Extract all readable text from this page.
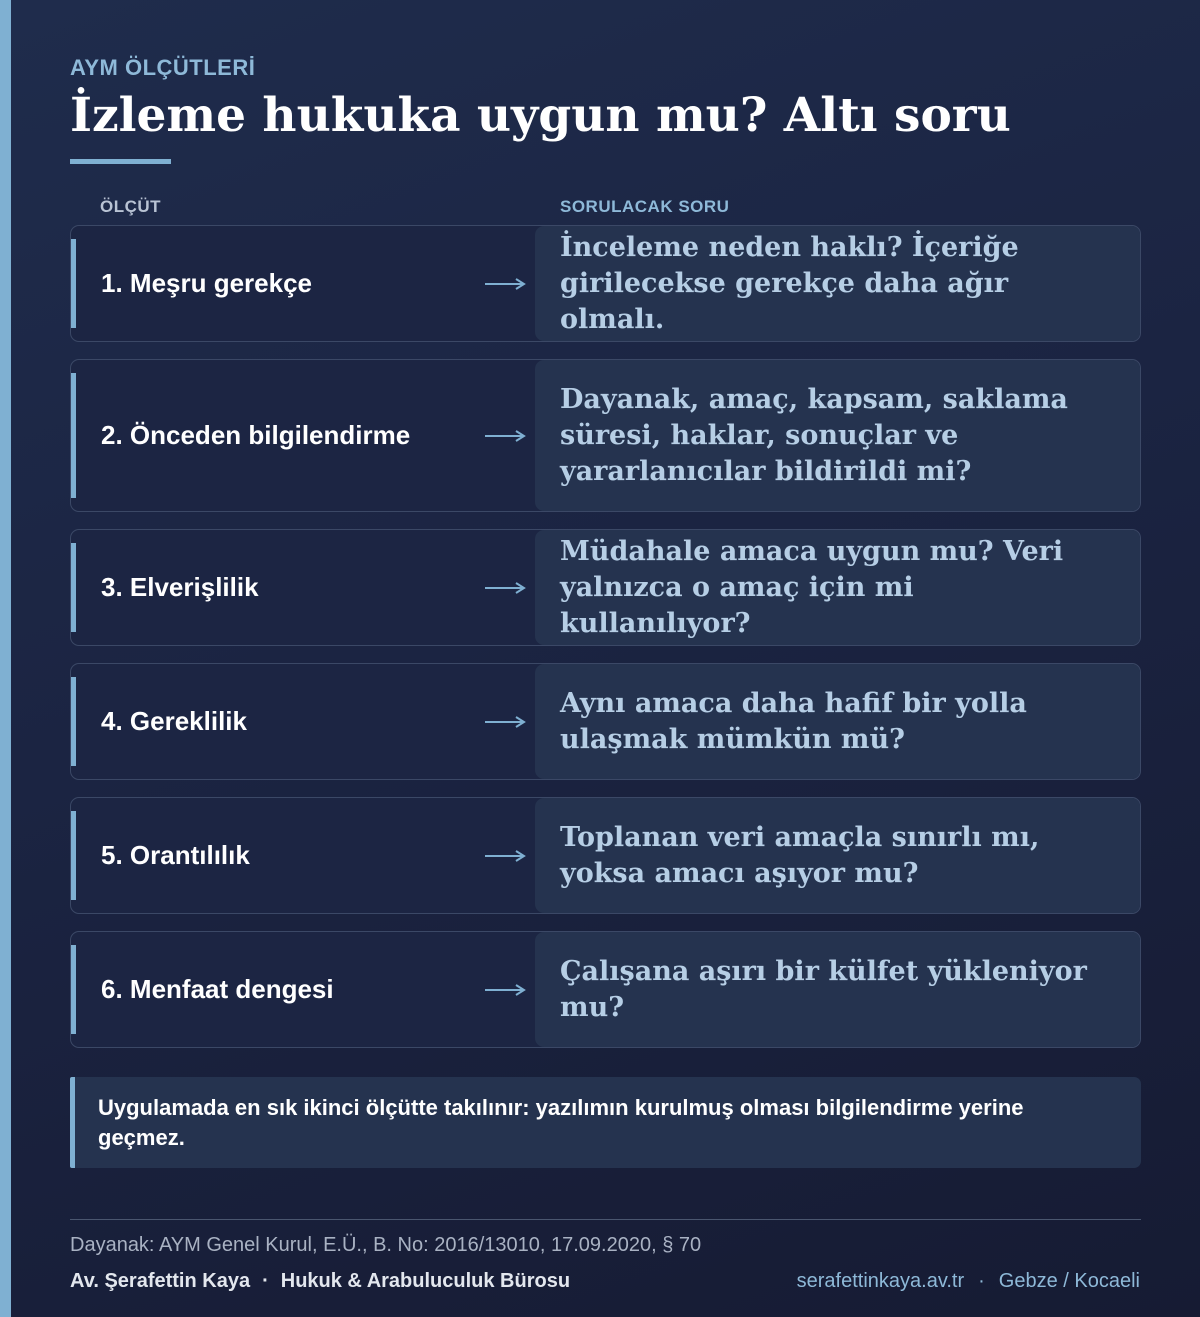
AYM ÖLÇÜTLERİ
İzleme hukuka uygun mu? Altı soru
ÖLÇÜT	SORULACAK SORU
1. Meşru gerekçe

İnceleme neden haklı? İçeriğe girilecekse gerekçe daha ağır olmalı.

2. Önceden bilgilendirme

Dayanak, amaç, kapsam, saklama süresi, haklar, sonuçlar ve yararlanıcılar bildirildi mi?

3. Elverişlilik

Müdahale amaca uygun mu? Veri yalnızca o amaç için mi kullanılıyor?

4. Gereklilik

Aynı amaca daha hafif bir yolla ulaşmak mümkün mü?

5. Orantılılık

Toplanan veri amaçla sınırlı mı, yoksa amacı aşıyor mu?

6. Menfaat dengesi

Çalışana aşırı bir külfet yükleniyor mu?

Uygulamada en sık ikinci ölçütte takılınır: yazılımın kurulmuş olması bilgilendirme yerine geçmez.

Dayanak: AYM Genel Kurul, E.Ü., B. No: 2016/13010, 17.09.2020, § 70
Av. Şerafettin Kaya · Hukuk & Arabuluculuk Bürosu	serafettinkaya.av.tr · Gebze / Kocaeli
